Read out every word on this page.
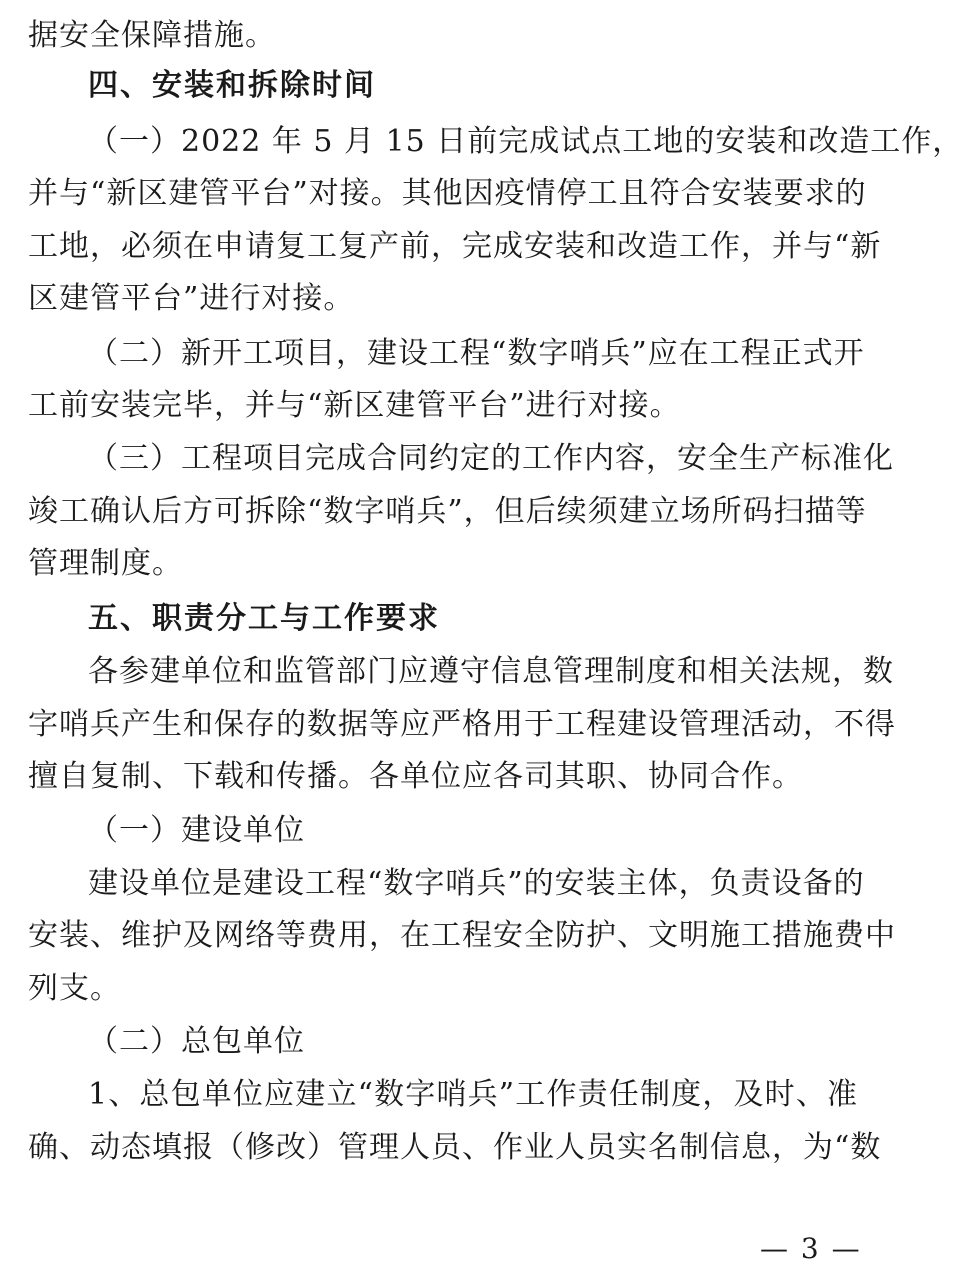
据安全保障措施。
四、安装和拆除时间
（一）2022 年 5 月 15 日前完成试点工地的安装和改造工作，
并与“新区建管平台”对接。其他因疫情停工且符合安装要求的
工地，必须在申请复工复产前，完成安装和改造工作，并与“新
区建管平台”进行对接。
（二）新开工项目，建设工程“数字哨兵”应在工程正式开
工前安装完毕，并与“新区建管平台”进行对接。
（三）工程项目完成合同约定的工作内容，安全生产标准化
竣工确认后方可拆除“数字哨兵”，但后续须建立场所码扫描等
管理制度。
五、职责分工与工作要求
各参建单位和监管部门应遵守信息管理制度和相关法规，数
字哨兵产生和保存的数据等应严格用于工程建设管理活动，不得
擅自复制、下载和传播。各单位应各司其职、协同合作。
（一）建设单位
建设单位是建设工程“数字哨兵”的安装主体，负责设备的
安装、维护及网络等费用，在工程安全防护、文明施工措施费中
列支。
（二）总包单位
1、总包单位应建立“数字哨兵”工作责任制度，及时、准
确、动态填报（修改）管理人员、作业人员实名制信息，为“数
— 3 —
